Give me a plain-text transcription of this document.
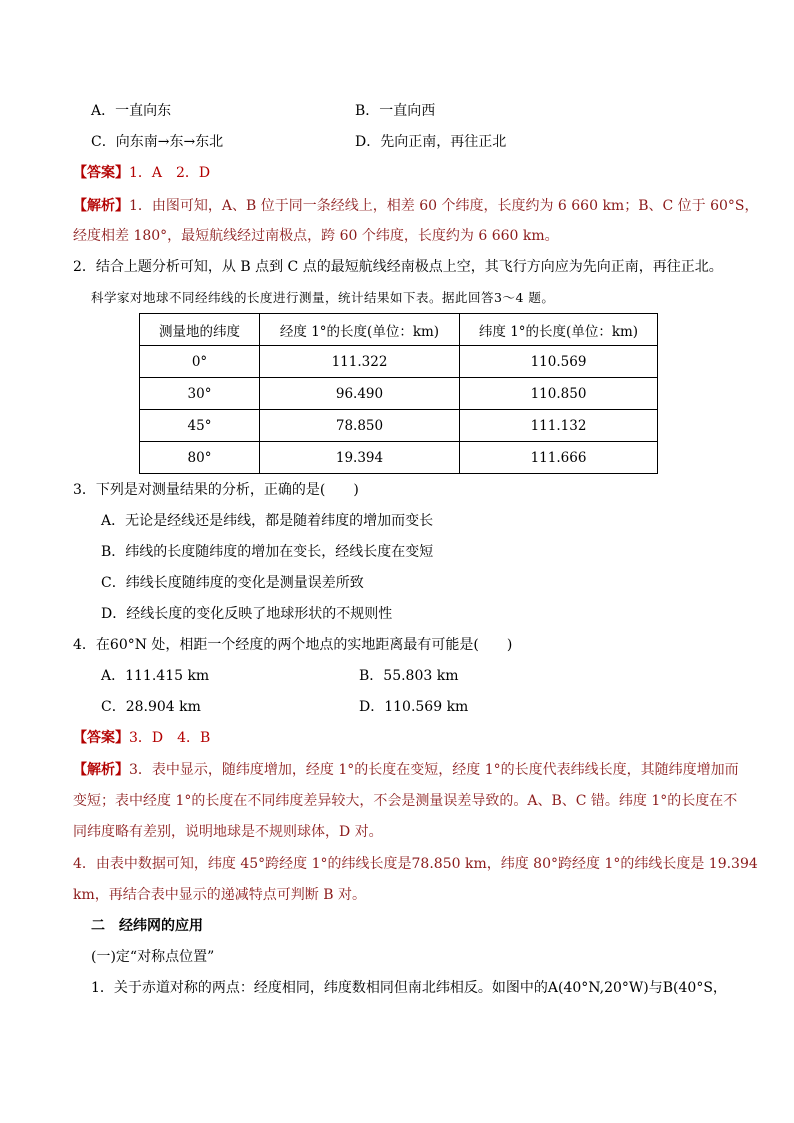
A．一直向东	B．一直向西
C．向东南→东→东北	D．先向正南，再往正北
【答案】1．A　2．D
【解析】1．由图可知，A、B 位于同一条经线上，相差 60 个纬度，长度约为 6 660 km；B、C 位于 60°S，
经度相差 180°，最短航线经过南极点，跨 60 个纬度，长度约为 6 660 km。
2．结合上题分析可知，从 B 点到 C 点的最短航线经南极点上空，其飞行方向应为先向正南，再往正北。
科学家对地球不同经纬线的长度进行测量，统计结果如下表。据此回答3～4 题。
测量地的纬度	经度 1°的长度(单位：km)	纬度 1°的长度(单位：km)
0°	111.322	110.569
30°	96.490	110.850
45°	78.850	111.132
80°	19.394	111.666
3．下列是对测量结果的分析，正确的是(　　)
A．无论是经线还是纬线，都是随着纬度的增加而变长
B．纬线的长度随纬度的增加在变长，经线长度在变短
C．纬线长度随纬度的变化是测量误差所致
D．经线长度的变化反映了地球形状的不规则性
4．在60°N 处，相距一个经度的两个地点的实地距离最有可能是(　　)
A．111.415 km	B．55.803 km
C．28.904 km	D．110.569 km
【答案】3．D　4．B
【解析】3．表中显示，随纬度增加，经度 1°的长度在变短，经度 1°的长度代表纬线长度，其随纬度增加而
变短；表中经度 1°的长度在不同纬度差异较大，不会是测量误差导致的。A、B、C 错。纬度 1°的长度在不
同纬度略有差别，说明地球是不规则球体，D 对。
4．由表中数据可知，纬度 45°跨经度 1°的纬线长度是78.850 km，纬度 80°跨经度 1°的纬线长度是 19.394
km，再结合表中显示的递减特点可判断 B 对。
二　经纬网的应用
(一)定“对称点位置”
1．关于赤道对称的两点：经度相同，纬度数相同但南北纬相反。如图中的A(40°N,20°W)与B(40°S，
